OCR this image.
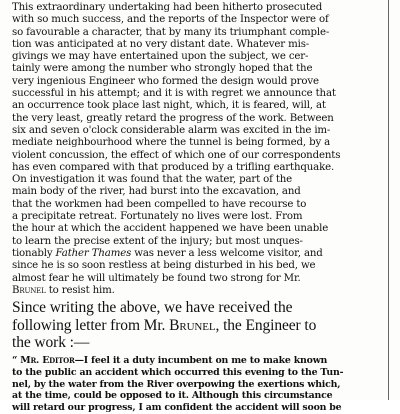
This extraordinary undertaking had been hitherto prosecuted
with so much success, and the reports of the Inspector were of
so favourable a character, that by many its triumphant comple-
tion was anticipated at no very distant date. Whatever mis-
givings we may have entertained upon the subject, we cer-
tainly were among the number who strongly hoped that the
very ingenious Engineer who formed the design would prove
successful in his attempt; and it is with regret we announce that
an occurrence took place last night, which, it is feared, will, at
the very least, greatly retard the progress of the work. Between
six and seven o'clock considerable alarm was excited in the im-
mediate neighbourhood where the tunnel is being formed, by a
violent concussion, the effect of which one of our correspondents
has even compared with that produced by a trifling earthquake.
On investigation it was found that the water, part of the
main body of the river, had burst into the excavation, and
that the workmen had been compelled to have recourse to
a precipitate retreat. Fortunately no lives were lost. From
the hour at which the accident happened we have been unable
to learn the precise extent of the injury; but most unques-
tionably Father Thames was never a less welcome visitor, and
since he is so soon restless at being disturbed in his bed, we
almost fear he will ultimately be found two strong for Mr.
Brunel to resist him.
Since writing the above, we have received the
following letter from Mr. Brunel, the Engineer to
the work :—
“ Mr. Editor—I feel it a duty incumbent on me to make known
to the public an accident which occurred this evening to the Tun-
nel, by the water from the River overpowing the exertions which,
at the time, could be opposed to it. Although this circumstance
will retard our progress, I am confident the accident will soon be
